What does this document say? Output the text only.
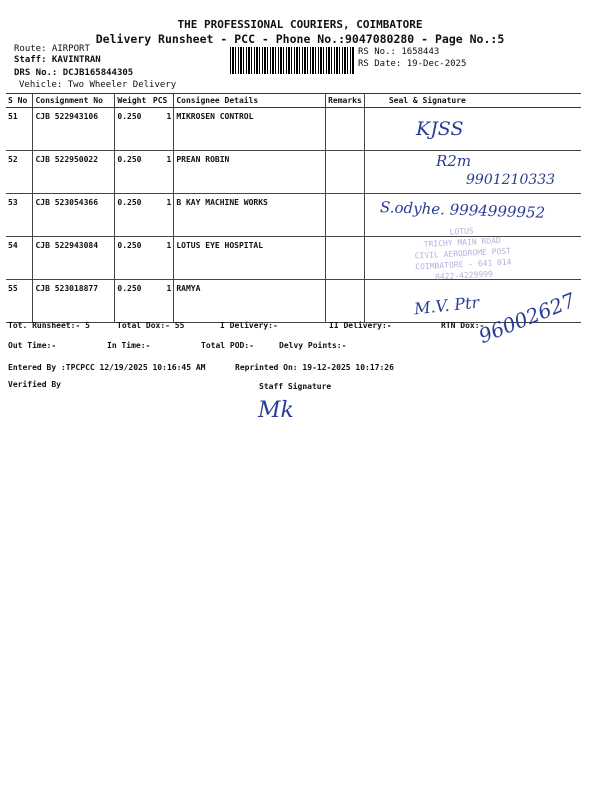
THE PROFESSIONAL COURIERS, COIMBATORE
Delivery Runsheet - PCC - Phone No.:9047080280 - Page No.:5
Route: AIRPORT
Staff: KAVINTRAN
DRS No.: DCJB165844305
Vehicle: Two Wheeler Delivery
RS No.: 1658443
RS Date: 19-Dec-2025
S No	Consignment No	Weight	PCS	Consignee Details	Remarks	Seal & Signature
51	CJB 522943106	0.250	1	MIKROSEN CONTROL		
52	CJB 522950022	0.250	1	PREAN ROBIN		
53	CJB 523054366	0.250	1	B KAY MACHINE WORKS		
54	CJB 522943084	0.250	1	LOTUS EYE HOSPITAL		
55	CJB 523018877	0.250	1	RAMYA		
LOTUS
TRICHY MAIN ROAD
CIVIL AERODROME POST
COIMBATORE - 641 014
0422-4229999
KJSS
R2m
9901210333
S.odyhe. 9994999952
M.V. Ptr
96002627
Mk
Tot. Runsheet:- 5	Total Dox:- 55	I Delivery:-	II Delivery:-	RTN Dox:-
Out Time:-	In Time:-	Total POD:-	Delvy Points:-
Entered By :TPCPCC 12/19/2025 10:16:45 AM	Reprinted On: 19-12-2025 10:17:26
Verified By	Staff Signature
